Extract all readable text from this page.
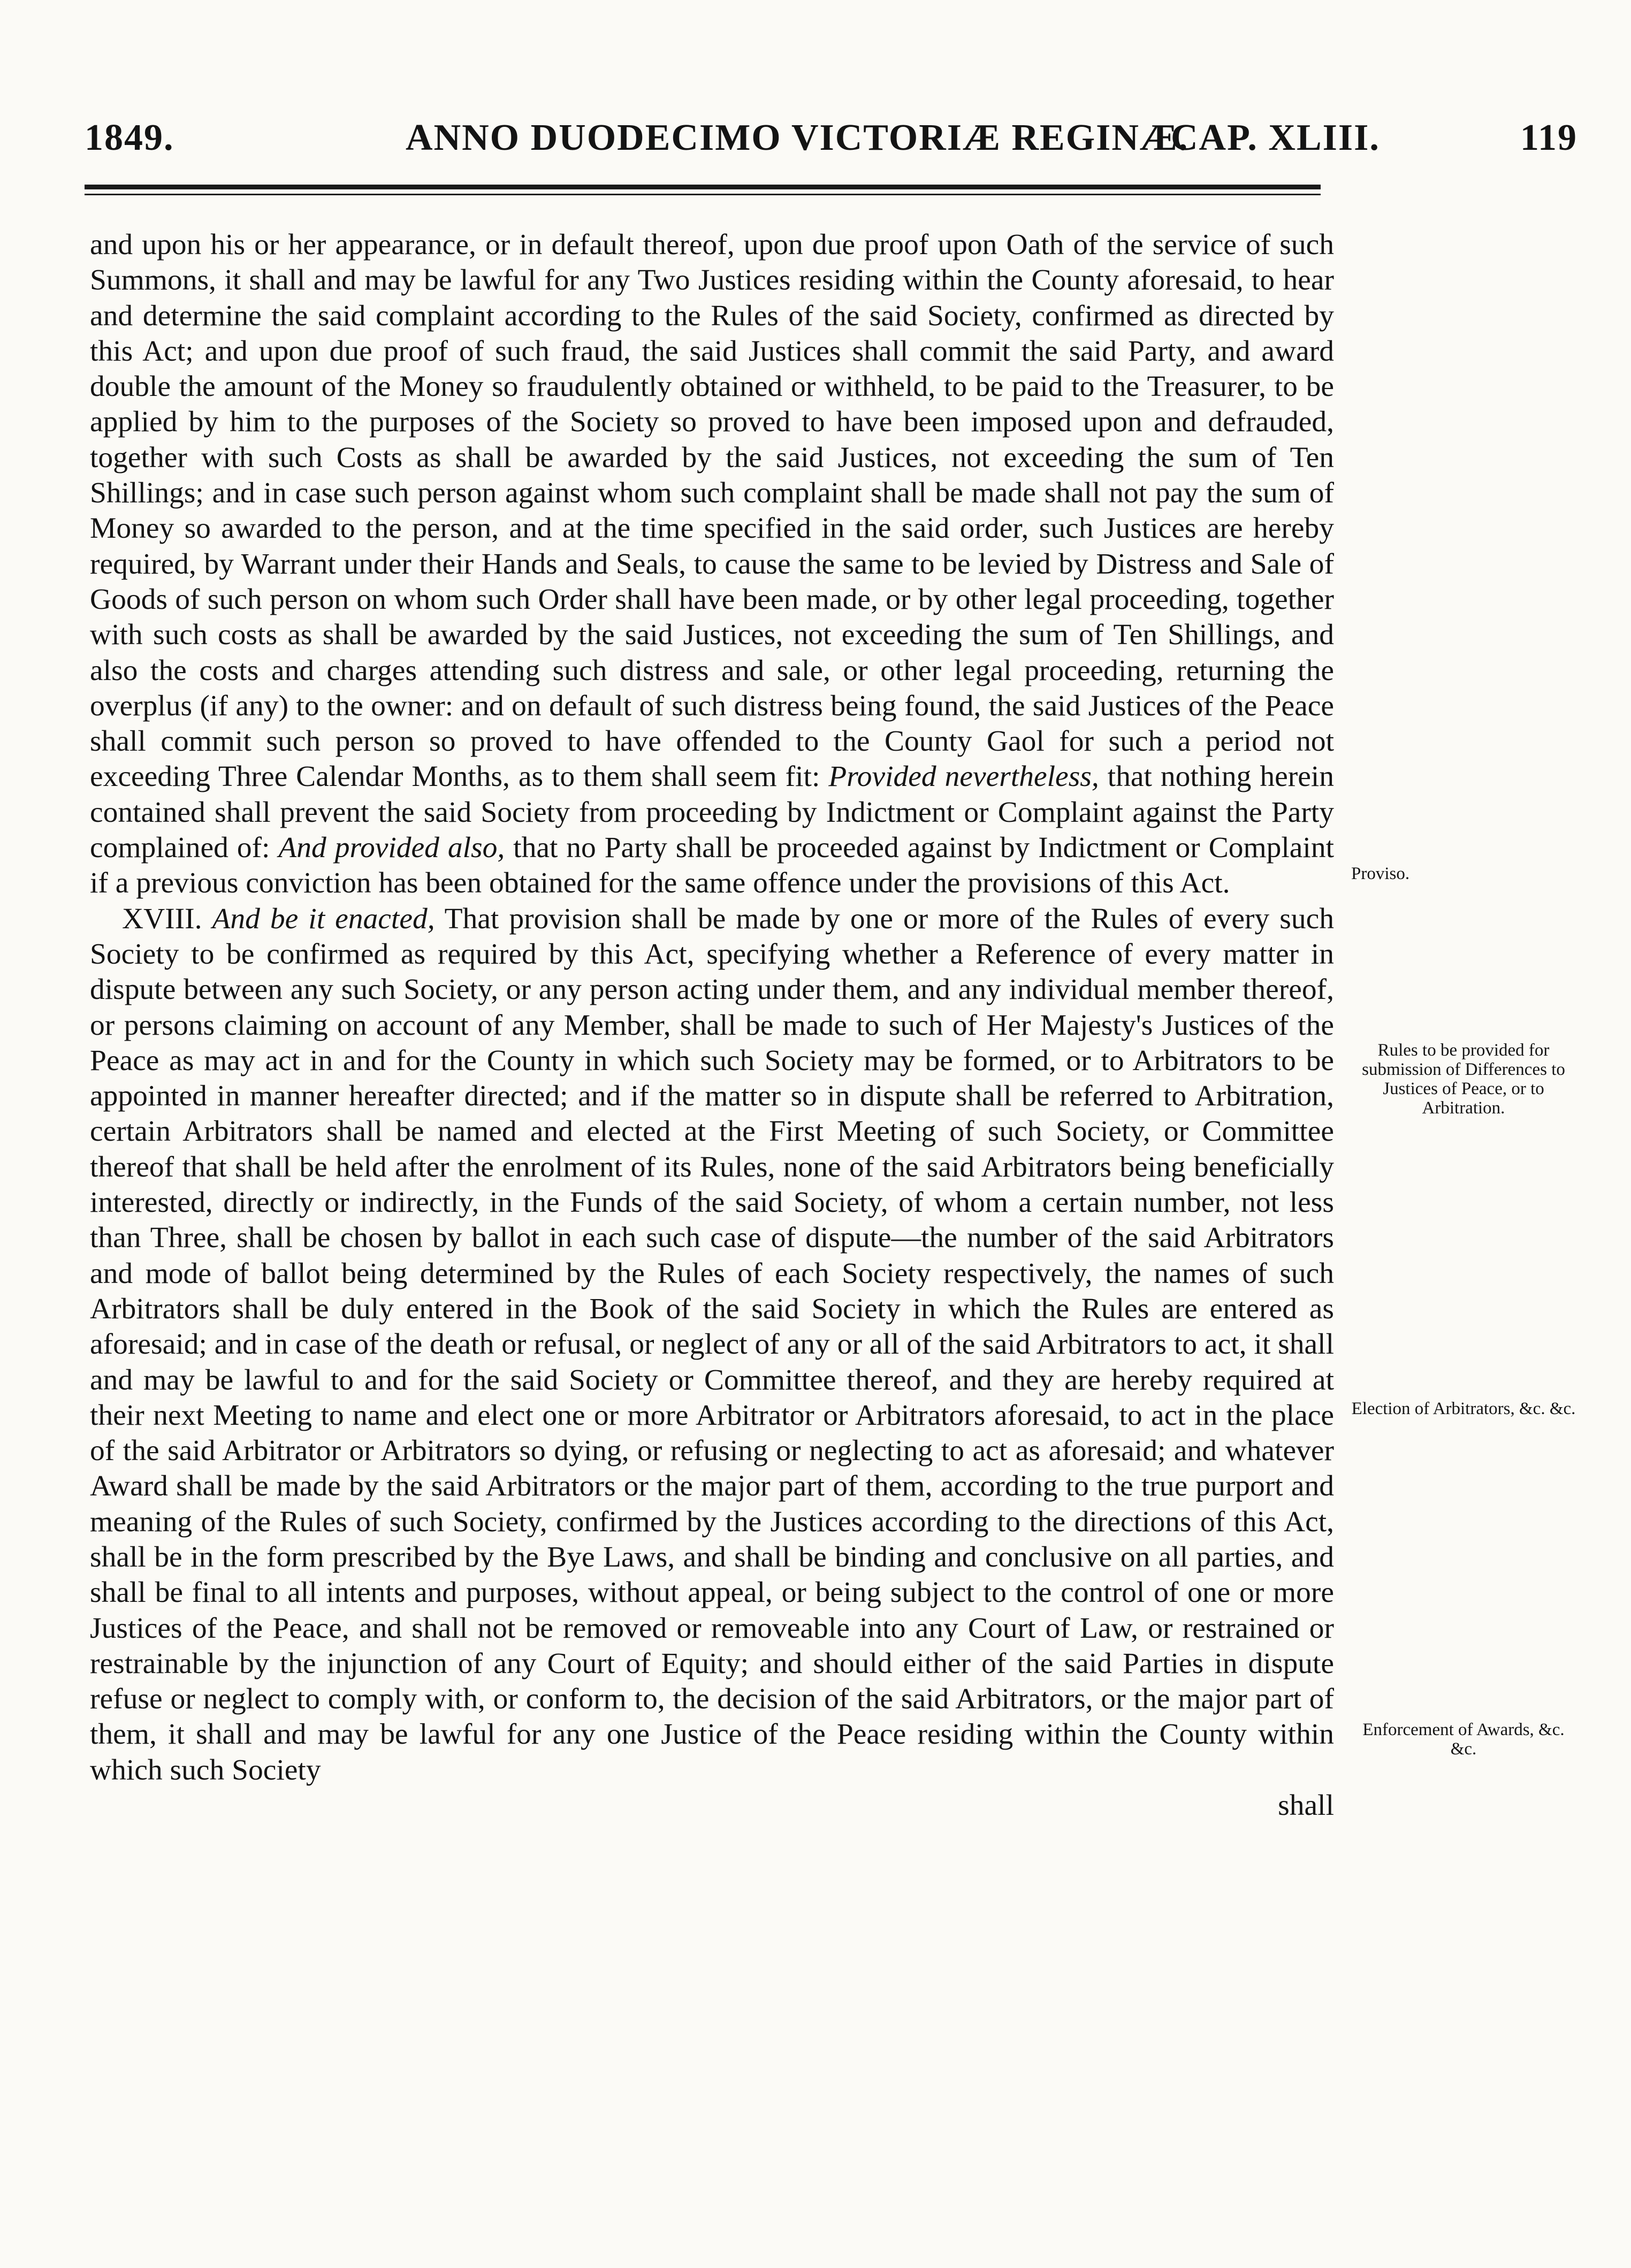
1849.	ANNO DUODECIMO VICTORIÆ REGINÆ.
CAP. XLIII.	119

and upon his or her appearance, or in default thereof, upon due proof upon Oath of the service of such Summons, it shall and may be lawful for any Two Justices residing within the County aforesaid, to hear and determine the said complaint according to the Rules of the said Society, confirmed as directed by this Act; and upon due proof of such fraud, the said Justices shall commit the said Party, and award double the amount of the Money so fraudulently obtained or withheld, to be paid to the Treasurer, to be applied by him to the purposes of the Society so proved to have been imposed upon and defrauded, together with such Costs as shall be awarded by the said Justices, not exceeding the sum of Ten Shillings; and in case such person against whom such complaint shall be made shall not pay the sum of Money so awarded to the person, and at the time specified in the said order, such Justices are hereby required, by Warrant under their Hands and Seals, to cause the same to be levied by Distress and Sale of Goods of such person on whom such Order shall have been made, or by other legal proceeding, together with such costs as shall be awarded by the said Justices, not exceeding the sum of Ten Shillings, and also the costs and charges attending such distress and sale, or other legal proceeding, returning the overplus (if any) to the owner: and on default of such distress being found, the said Justices of the Peace shall commit such person so proved to have offended to the County Gaol for such a period not exceeding Three Calendar Months, as to them shall seem fit: Provided nevertheless, that nothing herein contained shall prevent the said Society from proceeding by Indictment or Complaint against the Party complained of: And provided also, that no Party shall be proceeded against by Indictment or Complaint if a previous conviction has been obtained for the same offence under the provisions of this Act.

XVIII. And be it enacted, That provision shall be made by one or more of the Rules of every such Society to be confirmed as required by this Act, specifying whether a Reference of every matter in dispute between any such Society, or any person acting under them, and any individual member thereof, or persons claiming on account of any Member, shall be made to such of Her Majesty's Justices of the Peace as may act in and for the County in which such Society may be formed, or to Arbitrators to be appointed in manner hereafter directed; and if the matter so in dispute shall be referred to Arbitration, certain Arbitrators shall be named and elected at the First Meeting of such Society, or Committee thereof that shall be held after the enrolment of its Rules, none of the said Arbitrators being beneficially interested, directly or indirectly, in the Funds of the said Society, of whom a certain number, not less than Three, shall be chosen by ballot in each such case of dispute—the number of the said Arbitrators and mode of ballot being determined by the Rules of each Society respectively, the names of such Arbitrators shall be duly entered in the Book of the said Society in which the Rules are entered as aforesaid; and in case of the death or refusal, or neglect of any or all of the said Arbitrators to act, it shall and may be lawful to and for the said Society or Committee thereof, and they are hereby required at their next Meeting to name and elect one or more Arbitrator or Arbitrators aforesaid, to act in the place of the said Arbitrator or Arbitrators so dying, or refusing or neglecting to act as aforesaid; and whatever Award shall be made by the said Arbitrators or the major part of them, according to the true purport and meaning of the Rules of such Society, confirmed by the Justices according to the directions of this Act, shall be in the form prescribed by the Bye Laws, and shall be binding and conclusive on all parties, and shall be final to all intents and purposes, without appeal, or being subject to the control of one or more Justices of the Peace, and shall not be removed or removeable into any Court of Law, or restrained or restrainable by the injunction of any Court of Equity; and should either of the said Parties in dispute refuse or neglect to comply with, or conform to, the decision of the said Arbitrators, or the major part of them, it shall and may be lawful for any one Justice of the Peace residing within the County within which such Society

shall
Proviso.
Rules to be provided for submission of Differences to Justices of Peace, or to Arbitration.
Election of Arbitrators, &c. &c.
Enforcement of Awards, &c. &c.
